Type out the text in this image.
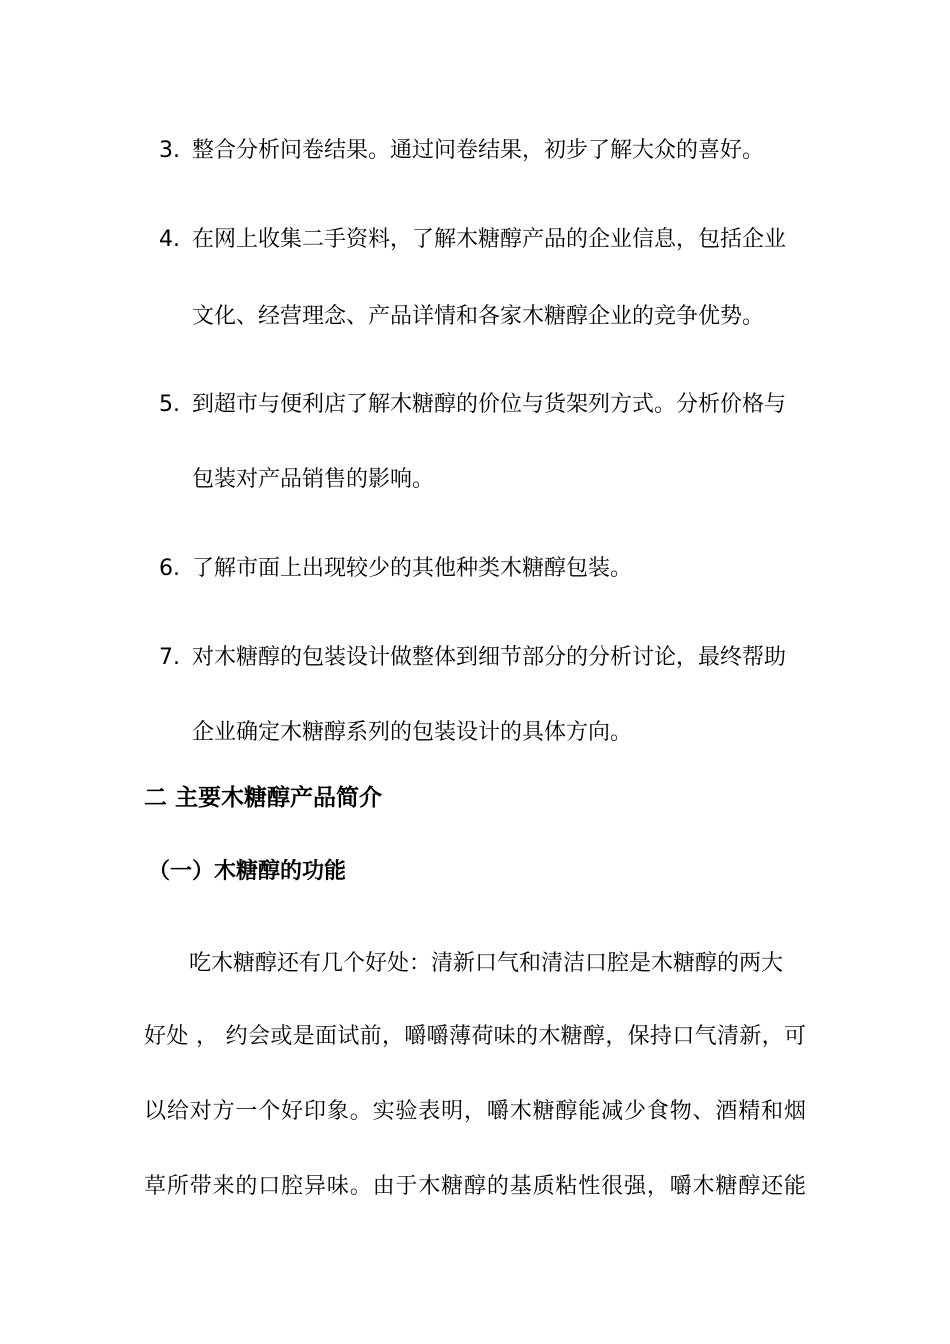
3. 整合分析问卷结果。通过问卷结果，初步了解大众的喜好。
4. 在网上收集二手资料，了解木糖醇产品的企业信息，包括企业
文化、经营理念、产品详情和各家木糖醇企业的竞争优势。
5. 到超市与便利店了解木糖醇的价位与货架列方式。分析价格与
包装对产品销售的影响。
6. 了解市面上出现较少的其他种类木糖醇包装。
7. 对木糖醇的包装设计做整体到细节部分的分析讨论，最终帮助
企业确定木糖醇系列的包装设计的具体方向。
二 主要木糖醇产品简介
（一）木糖醇的功能
吃木糖醇还有几个好处：清新口气和清洁口腔是木糖醇的两大
好处 ， 约会或是面试前，嚼嚼薄荷味的木糖醇，保持口气清新，可
以给对方一个好印象。实验表明，嚼木糖醇能减少食物、酒精和烟
草所带来的口腔异味。由于木糖醇的基质粘性很强，嚼木糖醇还能
